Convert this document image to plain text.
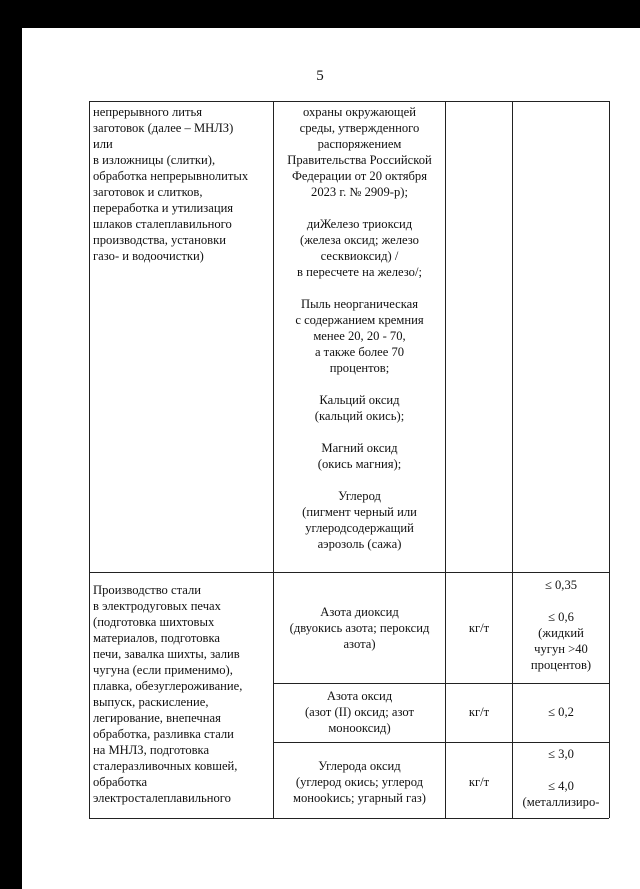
5
непрерывного литья
заготовок (далее – МНЛЗ)
или
в изложницы (слитки),
обработка непрерывнолитых
заготовок и слитков,
переработка и утилизация
шлаков сталеплавильного
производства, установки
газо- и водоочистки)
охраны окружающей
среды, утвержденного
распоряжением
Правительства Российской
Федерации от 20 октября
2023 г. № 2909-р);
диЖелезо триоксид
(железа оксид; железо
сесквиоксид) /
в пересчете на железо/;
Пыль неорганическая
с содержанием кремния
менее 20, 20 - 70,
а также более 70
процентов;
Кальций оксид
(кальций окись);
Магний оксид
(окись магния);
Углерод
(пигмент черный или
углеродсодержащий
аэрозоль (сажа)
Производство стали
в электродуговых печах
(подготовка шихтовых
материалов, подготовка
печи, завалка шихты, залив
чугуна (если применимо),
плавка, обезуглероживание,
выпуск, раскисление,
легирование, внепечная
обработка, разливка стали
на МНЛЗ, подготовка
сталеразливочных ковшей,
обработка
электросталеплавильного
Азота диоксид
(двуокись азота; пероксид
азота)
кг/т
≤ 0,35
≤ 0,6
(жидкий
чугун >40
процентов)
Азота оксид
(азот (II) оксид; азот
монооксид)
кг/т	≤ 0,2
Углерода оксид
(углерод окись; углерод
монookись; угарный газ)
кг/т
≤ 3,0
≤ 4,0
(металлизиро-
